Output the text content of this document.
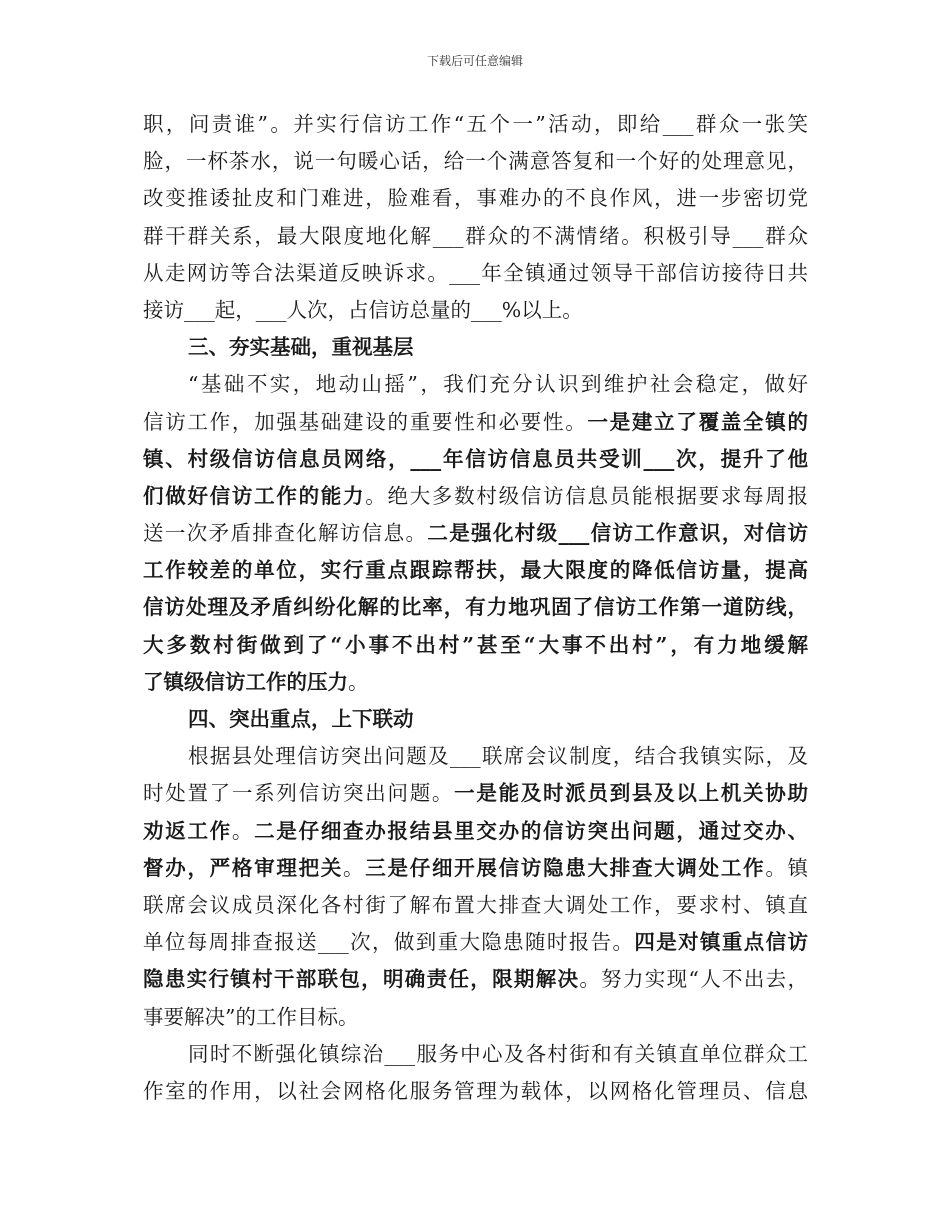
下载后可任意编辑
职，问责谁”。并实行信访工作“五个一”活动，即给___群众一张笑
脸，一杯茶水，说一句暖心话，给一个满意答复和一个好的处理意见，
改变推诿扯皮和门难进，脸难看，事难办的不良作风，进一步密切党
群干群关系，最大限度地化解___群众的不满情绪。积极引导___群众
从走网访等合法渠道反映诉求。___年全镇通过领导干部信访接待日共
接访___起，___人次，占信访总量的___%以上。
三、夯实基础，重视基层
“基础不实，地动山摇”，我们充分认识到维护社会稳定，做好
信访工作，加强基础建设的重要性和必要性。一是建立了覆盖全镇的
镇、村级信访信息员网络，___年信访信息员共受训___次，提升了他
们做好信访工作的能力。绝大多数村级信访信息员能根据要求每周报
送一次矛盾排查化解访信息。二是强化村级___信访工作意识，对信访
工作较差的单位，实行重点跟踪帮扶，最大限度的降低信访量，提高
信访处理及矛盾纠纷化解的比率，有力地巩固了信访工作第一道防线，
大多数村街做到了“小事不出村”甚至“大事不出村”，有力地缓解
了镇级信访工作的压力。
四、突出重点，上下联动
根据县处理信访突出问题及___联席会议制度，结合我镇实际，及
时处置了一系列信访突出问题。一是能及时派员到县及以上机关协助
劝返工作。二是仔细查办报结县里交办的信访突出问题，通过交办、
督办，严格审理把关。三是仔细开展信访隐患大排查大调处工作。镇
联席会议成员深化各村街了解布置大排查大调处工作，要求村、镇直
单位每周排查报送___次，做到重大隐患随时报告。四是对镇重点信访
隐患实行镇村干部联包，明确责任，限期解决。努力实现“人不出去，
事要解决”的工作目标。
同时不断强化镇综治___服务中心及各村街和有关镇直单位群众工
作室的作用，以社会网格化服务管理为载体，以网格化管理员、信息
